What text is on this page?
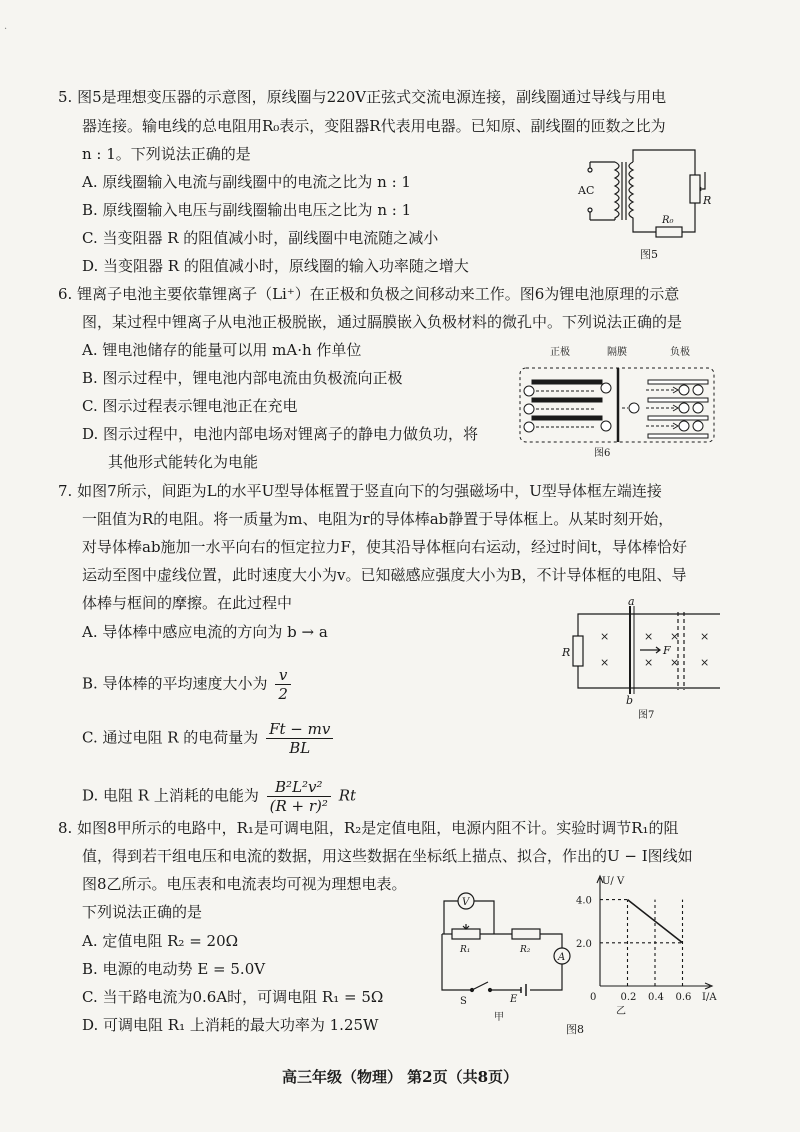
5. 图5是理想变压器的示意图，原线圈与220V正弦式交流电源连接，副线圈通过导线与用电
器连接。输电线的总电阻用R₀表示，变阻器R代表用电器。已知原、副线圈的匝数之比为
n : 1。下列说法正确的是
A. 原线圈输入电流与副线圈中的电流之比为 n : 1
B. 原线圈输入电压与副线圈输出电压之比为 n : 1
C. 当变阻器 R 的阻值减小时，副线圈中电流随之减小
D. 当变阻器 R 的阻值减小时，原线圈的输入功率随之增大
AC
R
R₀
图5
6. 锂离子电池主要依靠锂离子（Li⁺）在正极和负极之间移动来工作。图6为锂电池原理的示意
图，某过程中锂离子从电池正极脱嵌，通过膈膜嵌入负极材料的微孔中。下列说法正确的是
A. 锂电池储存的能量可以用 mA·h 作单位
B. 图示过程中，锂电池内部电流由负极流向正极
C. 图示过程表示锂电池正在充电
D. 图示过程中，电池内部电场对锂离子的静电力做负功，将
其他形式能转化为电能
正极	隔膜	负极
图6
7. 如图7所示，间距为L的水平U型导体框置于竖直向下的匀强磁场中，U型导体框左端连接
一阻值为R的电阻。将一质量为m、电阻为r的导体棒ab静置于导体框上。从某时刻开始，
对导体棒ab施加一水平向右的恒定拉力F，使其沿导体框向右运动，经过时间t，导体棒恰好
运动至图中虚线位置，此时速度大小为v。已知磁感应强度大小为B，不计导体框的电阻、导
体棒与框间的摩擦。在此过程中
A. 导体棒中感应电流的方向为 b → a
B. 导体棒的平均速度大小为 $\frac{v}{2}$
C. 通过电阻 R 的电荷量为 $\frac{Ft - mv}{BL}$
D. 电阻 R 上消耗的电能为 $\frac{\text{B²L²v²}}{\text{(R + r)²}}$ Rt
×
×
×
×
×
×
×
×
a
b
R	F
图7
8. 如图8甲所示的电路中，R₁是可调电阻，R₂是定值电阻，电源内阻不计。实验时调节R₁的阻
值，得到若干组电压和电流的数据，用这些数据在坐标纸上描点、拟合，作出的U − I图线如
图8乙所示。电压表和电流表均可视为理想电表。
下列说法正确的是
A. 定值电阻 R₂ = 20Ω
B. 电源的电动势 E = 5.0V
C. 当干路电流为0.6A时，可调电阻 R₁ = 5Ω
D. 可调电阻 R₁ 上消耗的最大功率为 1.25W
V
A
R₁	R₂
S	E
甲
2.0
4.0
0 0.2 0.4 0.6
U/ V
I/A
乙
图8
高三年级（物理） 第2页（共8页）
·
